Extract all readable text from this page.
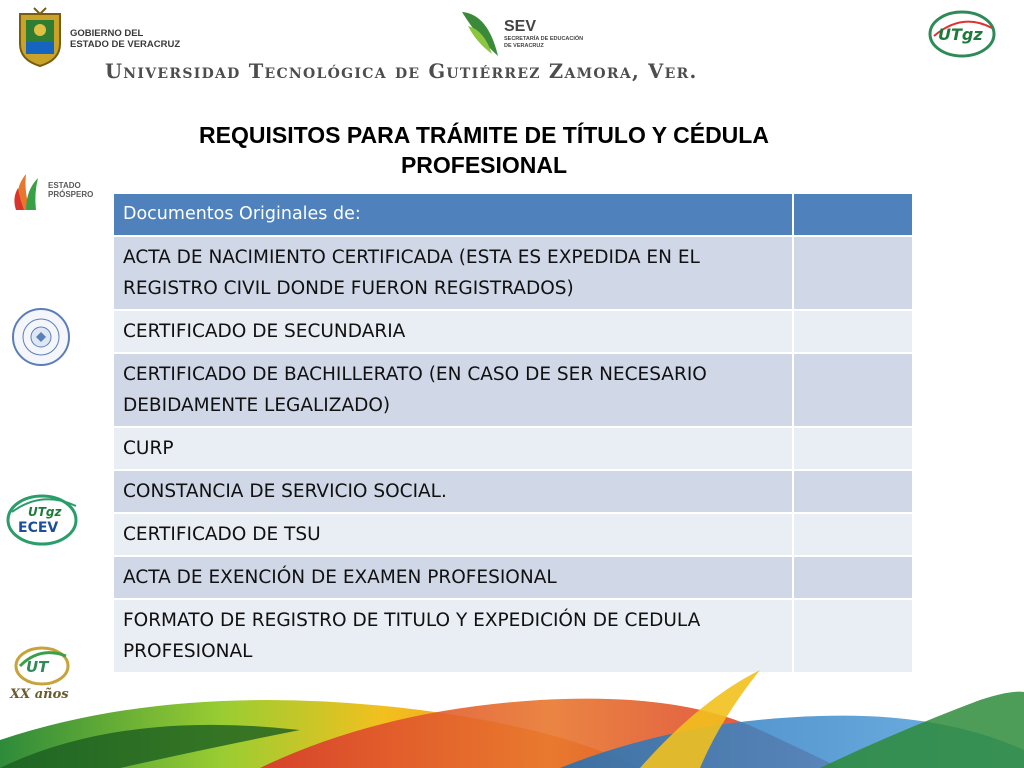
GOBIERNO DEL
ESTADO DE VERACRUZ
SEV
SECRETARÍA DE EDUCACIÓN
DE VERACRUZ
UTgz
Universidad Tecnológica de Gutiérrez Zamora, Ver.
REQUISITOS PARA TRÁMITE DE TÍTULO Y CÉDULA
PROFESIONAL
ESTADO
PRÓSPERO
UTgz
ECEV
UT
XX años
Documentos Originales de:	
ACTA DE NACIMIENTO CERTIFICADA (ESTA ES EXPEDIDA EN EL REGISTRO CIVIL DONDE FUERON REGISTRADOS)	
CERTIFICADO DE SECUNDARIA	
CERTIFICADO DE BACHILLERATO (EN CASO DE SER NECESARIO DEBIDAMENTE LEGALIZADO)	
CURP	
CONSTANCIA DE SERVICIO SOCIAL.	
CERTIFICADO DE TSU	
ACTA DE EXENCIÓN DE EXAMEN PROFESIONAL	
FORMATO DE REGISTRO DE TITULO Y EXPEDICIÓN DE CEDULA PROFESIONAL	
